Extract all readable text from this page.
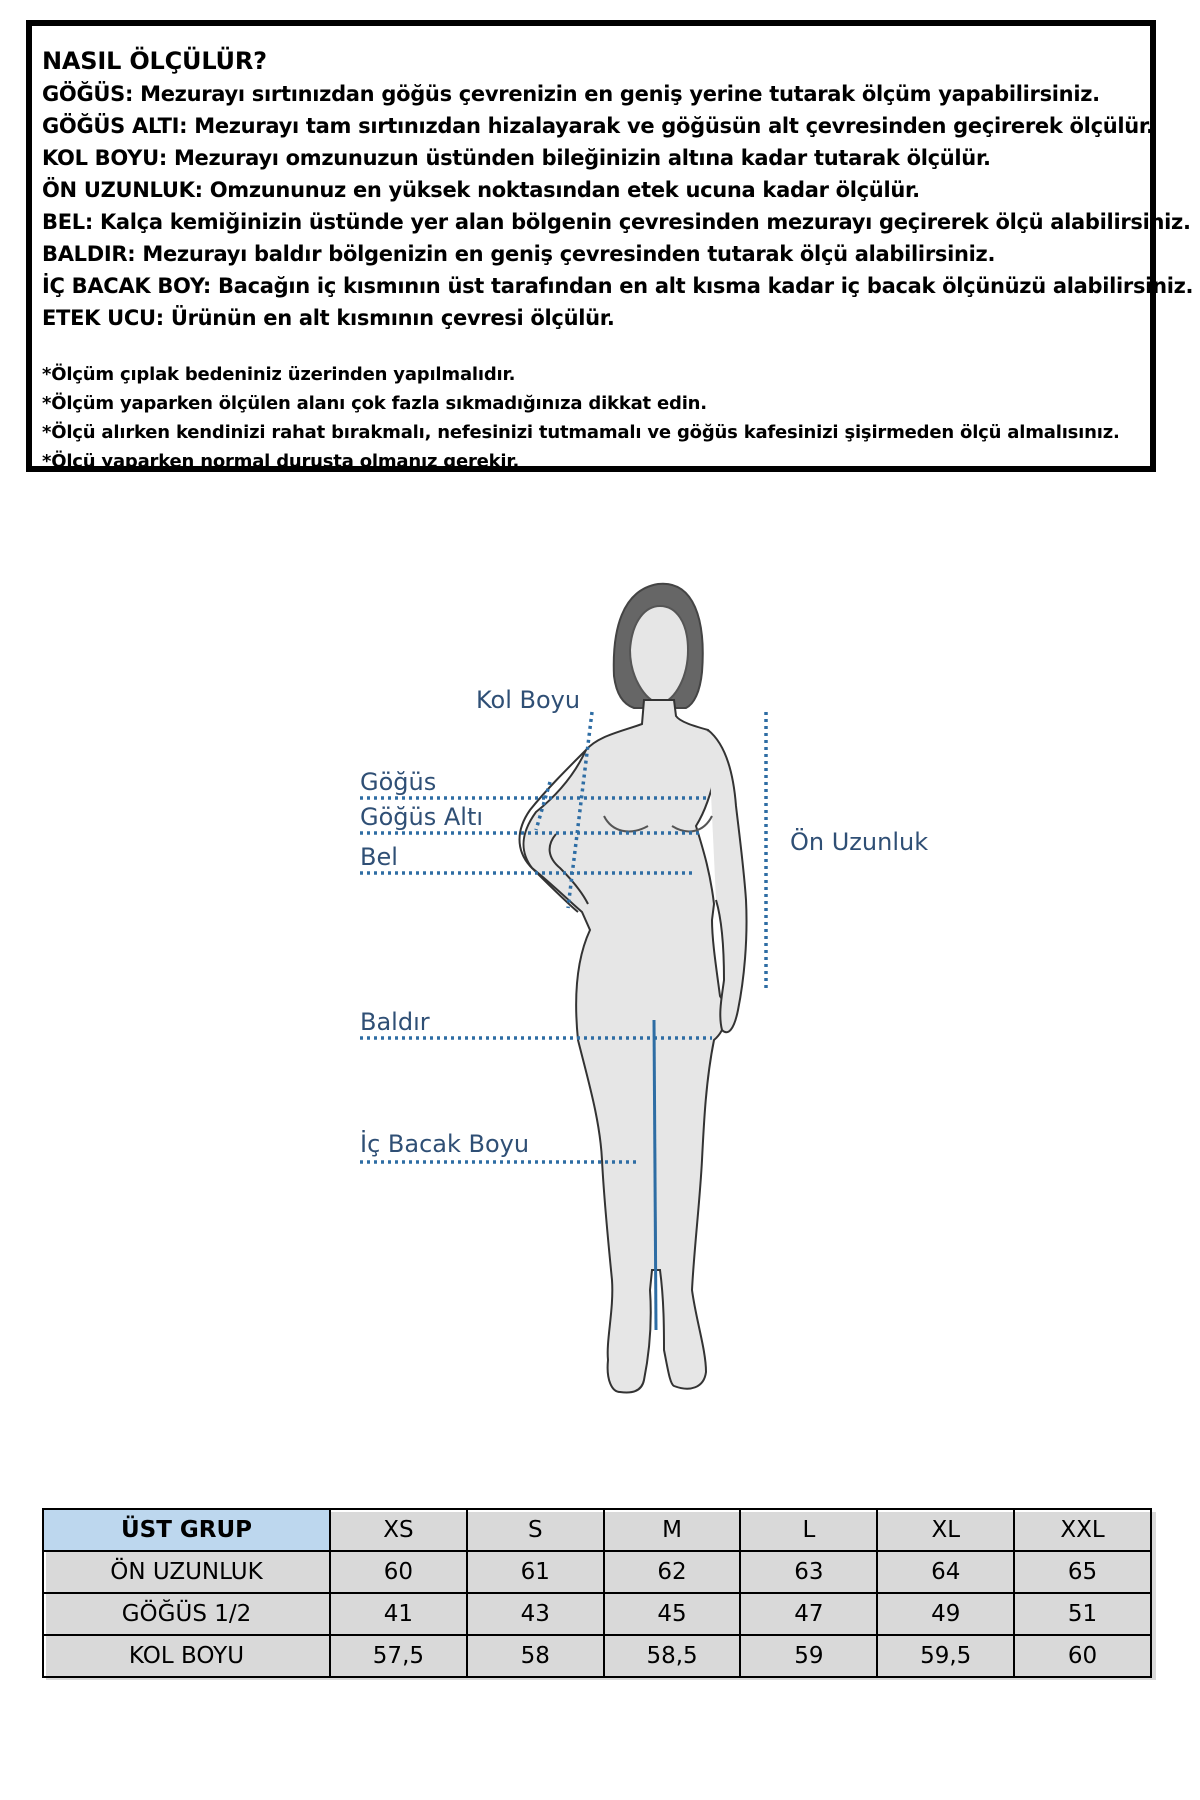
NASIL ÖLÇÜLÜR?

GÖĞÜS: Mezurayı sırtınızdan göğüs çevrenizin en geniş yerine tutarak ölçüm yapabilirsiniz.

GÖĞÜS ALTI: Mezurayı tam sırtınızdan hizalayarak ve göğüsün alt çevresinden geçirerek ölçülür.

KOL BOYU: Mezurayı omzunuzun üstünden bileğinizin altına kadar tutarak ölçülür.

ÖN UZUNLUK: Omzununuz en yüksek noktasından etek ucuna kadar ölçülür.

BEL: Kalça kemiğinizin üstünde yer alan bölgenin çevresinden mezurayı geçirerek ölçü alabilirsiniz.

BALDIR: Mezurayı baldır bölgenizin en geniş çevresinden tutarak ölçü alabilirsiniz.

İÇ BACAK BOY: Bacağın iç kısmının üst tarafından en alt kısma kadar iç bacak ölçünüzü alabilirsiniz.

ETEK UCU: Ürünün en alt kısmının çevresi ölçülür.

*Ölçüm çıplak bedeniniz üzerinden yapılmalıdır.

*Ölçüm yaparken ölçülen alanı çok fazla sıkmadığınıza dikkat edin.

*Ölçü alırken kendinizi rahat bırakmalı, nefesinizi tutmamalı ve göğüs kafesinizi şişirmeden ölçü almalısınız.

*Ölçü yaparken normal duruşta olmanız gerekir.

Kol Boyu
Göğüs
Göğüs Altı
Bel
Ön Uzunluk
Baldır
İç Bacak Boyu
ÜST GRUP	XS	S	M	L	XL	XXL
ÖN UZUNLUK	60	61	62	63	64	65
GÖĞÜS 1/2	41	43	45	47	49	51
KOL BOYU	57,5	58	58,5	59	59,5	60
